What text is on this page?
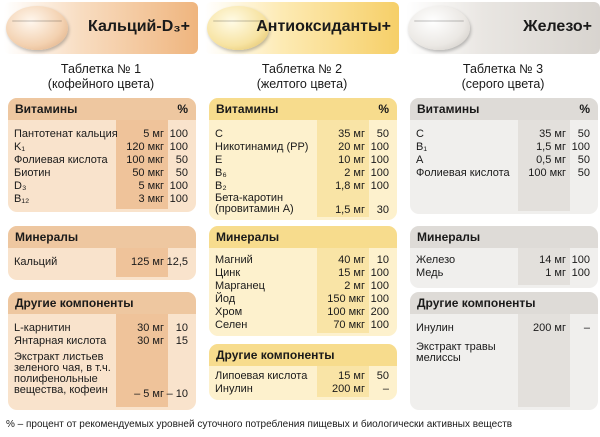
Кальций-D₃+
Таблетка № 1
(кофейного цвета)
Витамины	%
Пантотенат кальция 5 мг 100
K₁	120 мкг 100
Фолиевая кислота 100 мкг 50
Биотин	50 мкг 50
D₃	5 мкг 100
B₁₂	3 мкг 100
Минералы
Кальций	125 мг 12,5
Другие компоненты
L-карнитин	30 мг 10
Янтарная кислота	30 мг 15
Экстракт листьев зеленого чая, в т.ч. полифенольные вещества, кофеин	– 5 мг – 10
Антиоксиданты+
Таблетка № 2
(желтого цвета)
Витамины	%
C	35 мг 50
Никотинамид (PP)	20 мг 100
E	10 мг 100
B₆	2 мг 100
B₂	1,8 мг 100
Бета-каротин (провитамин А)	1,5 мг 30
Минералы
Магний	40 мг 10
Цинк	15 мг 100
Марганец	2 мг 100
Йод	150 мкг 100
Хром	100 мкг 200
Селен	70 мкг 100
Другие компоненты
Липоевая кислота	15 мг 50
Инулин	200 мг –
Железо+
Таблетка № 3
(серого цвета)
Витамины	%
C	35 мг 50
B₁	1,5 мг 100
A	0,5 мг 50
Фолиевая кислота 100 мкг 50
Минералы
Железо	14 мг 100
Медь	1 мг 100
Другие компоненты
Инулин	200 мг –
Экстракт травы мелиссы
% – процент от рекомендуемых уровней суточного потребления пищевых и биологически активных веществ
